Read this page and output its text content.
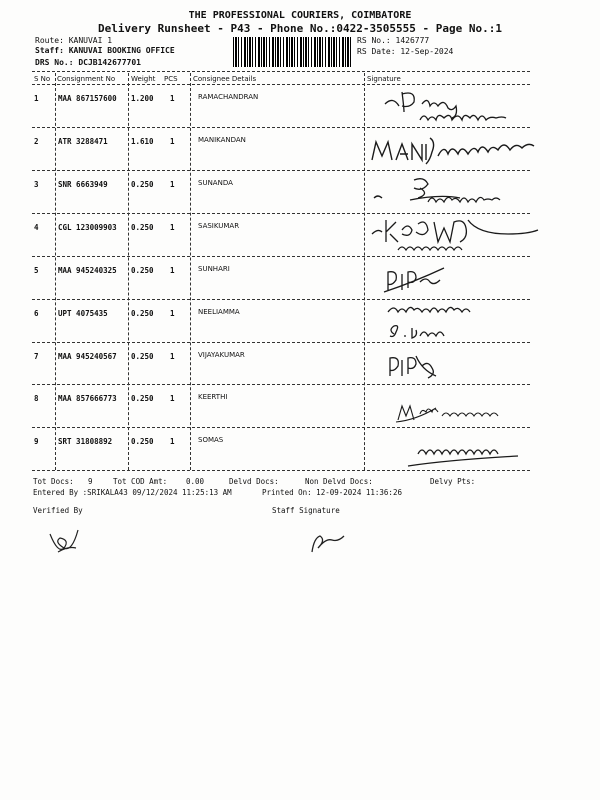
THE PROFESSIONAL COURIERS, COIMBATORE
Delivery Runsheet - P43 - Phone No.:0422-3505555 - Page No.:1
Route: KANUVAI 1
Staff: KANUVAI BOOKING OFFICE
DRS No.: DCJB142677701
RS No.: 1426777
RS Date: 12-Sep-2024
S No Consignment No Weight PCS Consignee Details	Signature
1	MAA 867157600 1.200 1	RAMACHANDRAN
2	ATR 3288471	1.610 1	MANIKANDAN
3	SNR 6663949	0.250 1	SUNANDA
4	CGL 123009903 0.250 1	SASIKUMAR
5	MAA 945240325 0.250 1	SUNHARI
6	UPT 4075435	0.250 1	NEELIAMMA
7	MAA 945240567 0.250 1	VIJAYAKUMAR
8	MAA 857666773 0.250 1	KEERTHI
9	SRT 31808892	0.250 1	SOMAS
Tot Docs: 9	Tot COD Amt:	0.00	Delvd Docs:	Non Delvd Docs:	Delvy Pts:
Entered By :SRIKALA43 09/12/2024 11:25:13 AM	Printed On: 12-09-2024 11:36:26
Verified By	Staff Signature
